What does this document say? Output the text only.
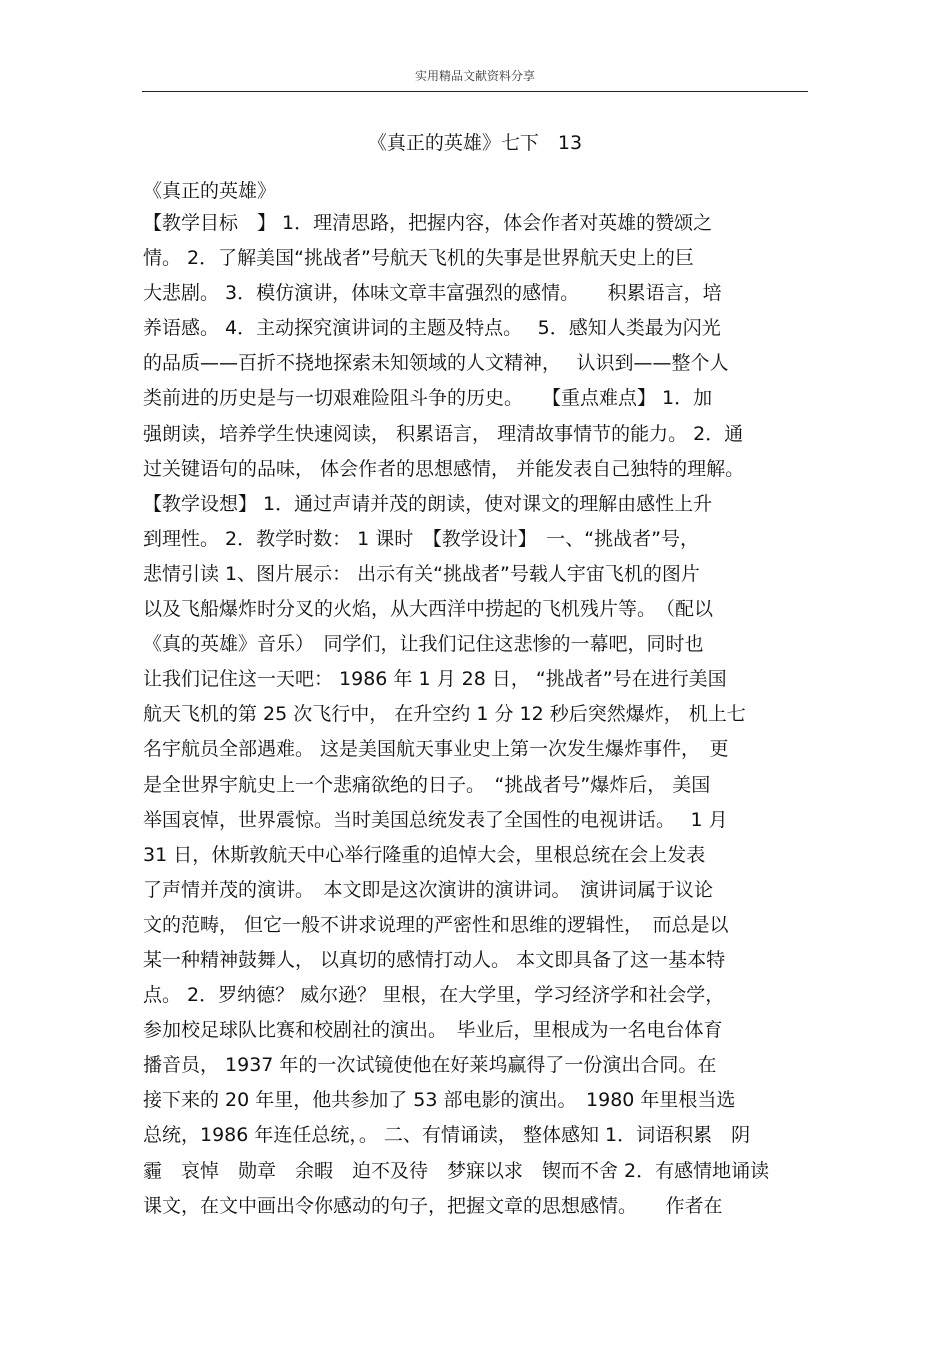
实用精品文献资料分享
《真正的英雄》七下　13
《真正的英雄》
【教学目标　】 1．理清思路，把握内容，体会作者对英雄的赞颂之
情。 2．了解美国“挑战者”号航天飞机的失事是世界航天史上的巨
大悲剧。 3．模仿演讲，体味文章丰富强烈的感情。　　积累语言，培
养语感。 4．主动探究演讲词的主题及特点。　 5．感知人类最为闪光
的品质——百折不挠地探索未知领域的人文精神，　 认识到——整个人
类前进的历史是与一切艰难险阻斗争的历史。　　【重点难点】 1．加
强朗读，培养学生快速阅读， 积累语言， 理清故事情节的能力。 2．通
过关键语句的品味， 体会作者的思想感情， 并能发表自己独特的理解。
【教学设想】 1．通过声请并茂的朗读，使对课文的理解由感性上升
到理性。 2．教学时数： 1 课时　【教学设计】　一、“挑战者”号，
悲情引读 1、图片展示： 出示有关“挑战者”号载人宇宙飞机的图片
以及飞船爆炸时分叉的火焰，从大西洋中捞起的飞机残片等。　（配以
《真的英雄》音乐）　同学们，让我们记住这悲惨的一幕吧，同时也
让我们记住这一天吧： 1986 年 1 月 28 日， “挑战者”号在进行美国
航天飞机的第 25 次飞行中， 在升空约 1 分 12 秒后突然爆炸， 机上七
名宇航员全部遇难。 这是美国航天事业史上第一次发生爆炸事件，　更
是全世界宇航史上一个悲痛欲绝的日子。　“挑战者号”爆炸后， 美国
举国哀悼，世界震惊。当时美国总统发表了全国性的电视讲话。　 1 月
31 日，休斯敦航天中心举行隆重的追悼大会，里根总统在会上发表
了声情并茂的演讲。　本文即是这次演讲的演讲词。　演讲词属于议论
文的范畴， 但它一般不讲求说理的严密性和思维的逻辑性，　而总是以
某一种精神鼓舞人， 以真切的感情打动人。 本文即具备了这一基本特
点。 2．罗纳德？ 威尔逊？ 里根，在大学里，学习经济学和社会学，
参加校足球队比赛和校剧社的演出。　毕业后，里根成为一名电台体育
播音员， 1937 年的一次试镜使他在好莱坞赢得了一份演出合同。在
接下来的 20 年里，他共参加了 53 部电影的演出。　1980 年里根当选
总统，1986 年连任总统，。 二、有情诵读， 整体感知 1．词语积累　阴
霾　哀悼　勋章　余暇　迫不及待　梦寐以求　锲而不舍 2．有感情地诵读
课文，在文中画出令你感动的句子，把握文章的思想感情。　　作者在
